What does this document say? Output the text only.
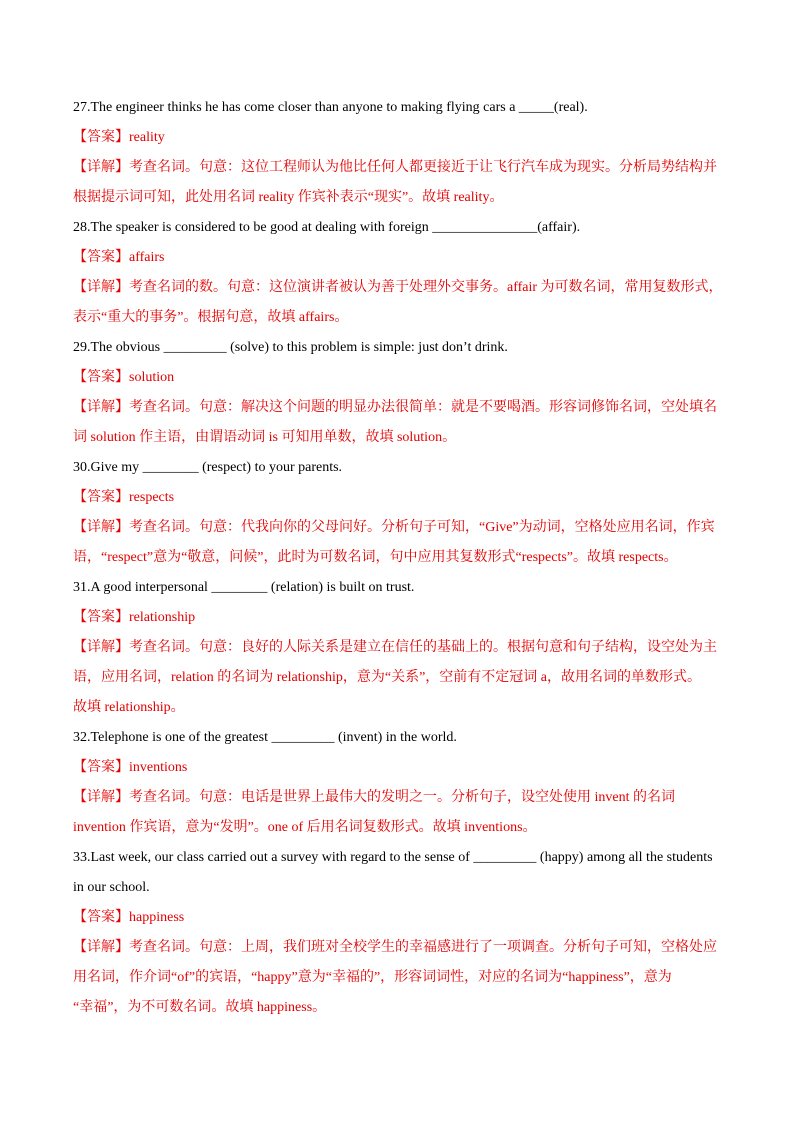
27.The engineer thinks he has come closer than anyone to making flying cars a _____(real).
【答案】reality
【详解】考查名词。句意：这位工程师认为他比任何人都更接近于让飞行汽车成为现实。分析局势结构并
根据提示词可知，此处用名词 reality 作宾补表示“现实”。故填 reality。
28.The speaker is considered to be good at dealing with foreign _______________(affair).
【答案】affairs
【详解】考查名词的数。句意：这位演讲者被认为善于处理外交事务。affair 为可数名词，常用复数形式，
表示“重大的事务”。根据句意，故填 affairs。
29.The obvious _________ (solve) to this problem is simple: just don’t drink.
【答案】solution
【详解】考查名词。句意：解决这个问题的明显办法很简单：就是不要喝酒。形容词修饰名词，空处填名
词 solution 作主语，由谓语动词 is 可知用单数，故填 solution。
30.Give my ________ (respect) to your parents.
【答案】respects
【详解】考查名词。句意：代我向你的父母问好。分析句子可知，“Give”为动词，空格处应用名词，作宾
语，“respect”意为“敬意，问候”，此时为可数名词，句中应用其复数形式“respects”。故填 respects。
31.A good interpersonal ________ (relation) is built on trust.
【答案】relationship
【详解】考查名词。句意：良好的人际关系是建立在信任的基础上的。根据句意和句子结构，设空处为主
语，应用名词，relation 的名词为 relationship，意为“关系”，空前有不定冠词 a，故用名词的单数形式。
故填 relationship。
32.Telephone is one of the greatest _________ (invent) in the world.
【答案】inventions
【详解】考查名词。句意：电话是世界上最伟大的发明之一。分析句子，设空处使用 invent 的名词
invention 作宾语，意为“发明”。one of 后用名词复数形式。故填 inventions。
33.Last week, our class carried out a survey with regard to the sense of _________ (happy) among all the students
in our school.
【答案】happiness
【详解】考查名词。句意：上周，我们班对全校学生的幸福感进行了一项调查。分析句子可知，空格处应
用名词，作介词“of”的宾语，“happy”意为“幸福的”，形容词词性，对应的名词为“happiness”，意为
“幸福”，为不可数名词。故填 happiness。
